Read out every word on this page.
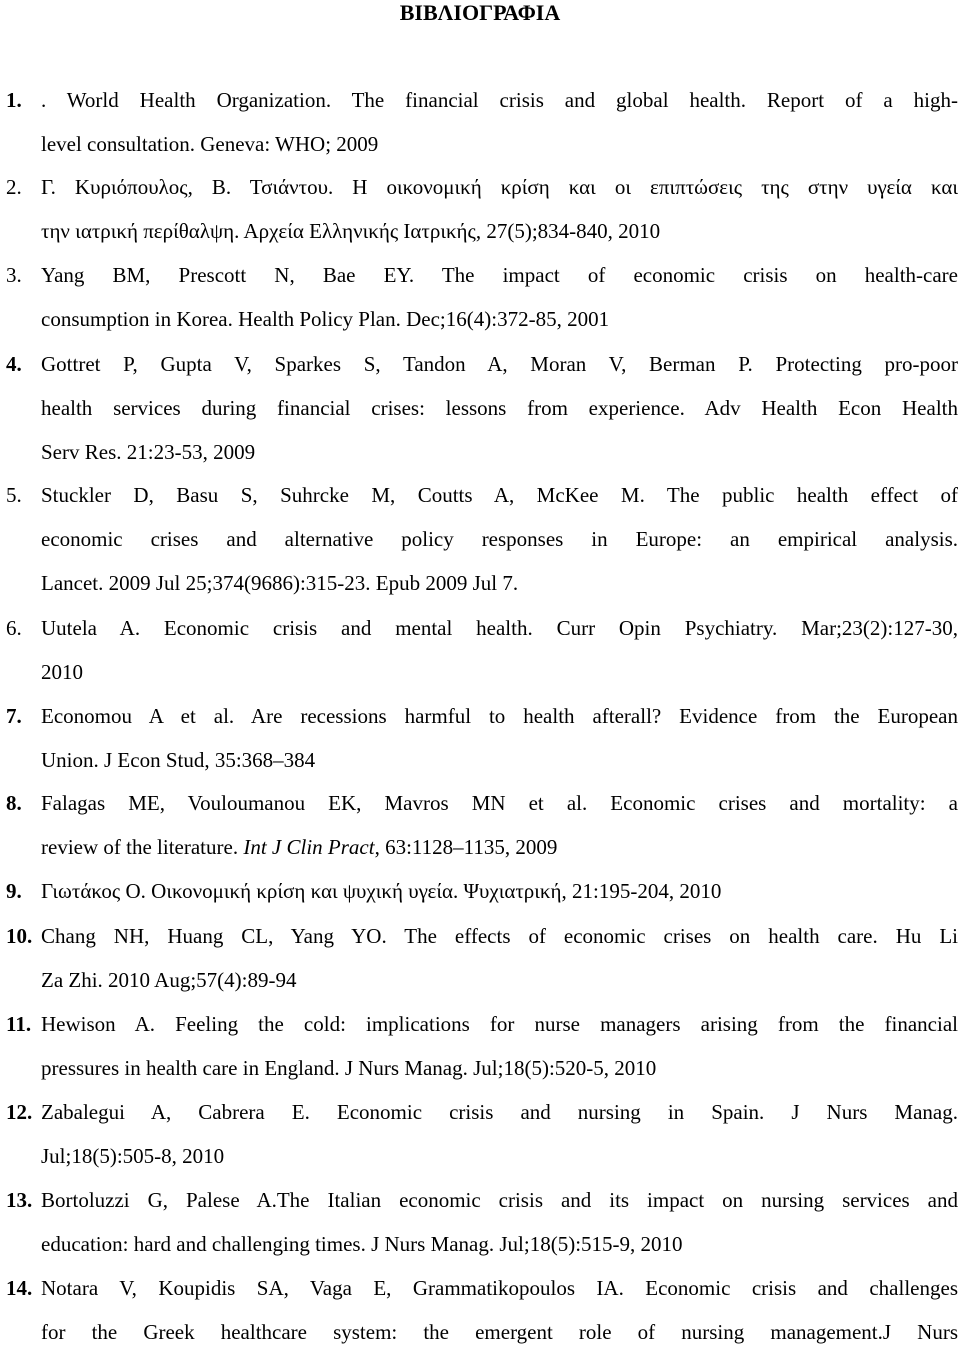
ΒΙΒΛΙΟΓΡΑΦΙΑ
1. . World Health Organization. The financial crisis and global health. Report of a high-
level consultation. Geneva: WHO; 2009
2. Γ. Κυριόπουλος, Β. Τσιάντου. Η οικονομική κρίση και οι επιπτώσεις της στην υγεία και
την ιατρική περίθαλψη. Αρχεία Ελληνικής Ιατρικής, 27(5);834-840, 2010
3. Yang BM, Prescott N, Bae EY. The impact of economic crisis on health-care
consumption in Korea. Health Policy Plan. Dec;16(4):372-85, 2001
4. Gottret P, Gupta V, Sparkes S, Tandon A, Moran V, Berman P. Protecting pro-poor
health services during financial crises: lessons from experience. Adv Health Econ Health
Serv Res. 21:23-53, 2009
5. Stuckler D, Basu S, Suhrcke M, Coutts A, McKee M. The public health effect of
economic crises and alternative policy responses in Europe: an empirical analysis.
Lancet. 2009 Jul 25;374(9686):315-23. Epub 2009 Jul 7.
6. Uutela A. Economic crisis and mental health. Curr Opin Psychiatry. Mar;23(2):127-30,
2010
7. Economou A et al. Are recessions harmful to health afterall? Evidence from the European
Union. J Econ Stud, 35:368–384
8. Falagas ME, Vouloumanou EK, Mavros MN et al. Economic crises and mortality: a
review of the literature. Int J Clin Pract, 63:1128–1135, 2009
9. Γιωτάκος Ο. Οικονομική κρίση και ψυχική υγεία. Ψυχιατρική, 21:195-204, 2010
10. Chang NH, Huang CL, Yang YO. The effects of economic crises on health care. Hu Li
Za Zhi. 2010 Aug;57(4):89-94
11. Hewison A. Feeling the cold: implications for nurse managers arising from the financial
pressures in health care in England. J Nurs Manag. Jul;18(5):520-5, 2010
12. Zabalegui A, Cabrera E. Economic crisis and nursing in Spain. J Nurs Manag.
Jul;18(5):505-8, 2010
13. Bortoluzzi G, Palese A.The Italian economic crisis and its impact on nursing services and
education: hard and challenging times. J Nurs Manag. Jul;18(5):515-9, 2010
14. Notara V, Koupidis SA, Vaga E, Grammatikopoulos IA. Economic crisis and challenges
for the Greek healthcare system: the emergent role of nursing management.J Nurs
